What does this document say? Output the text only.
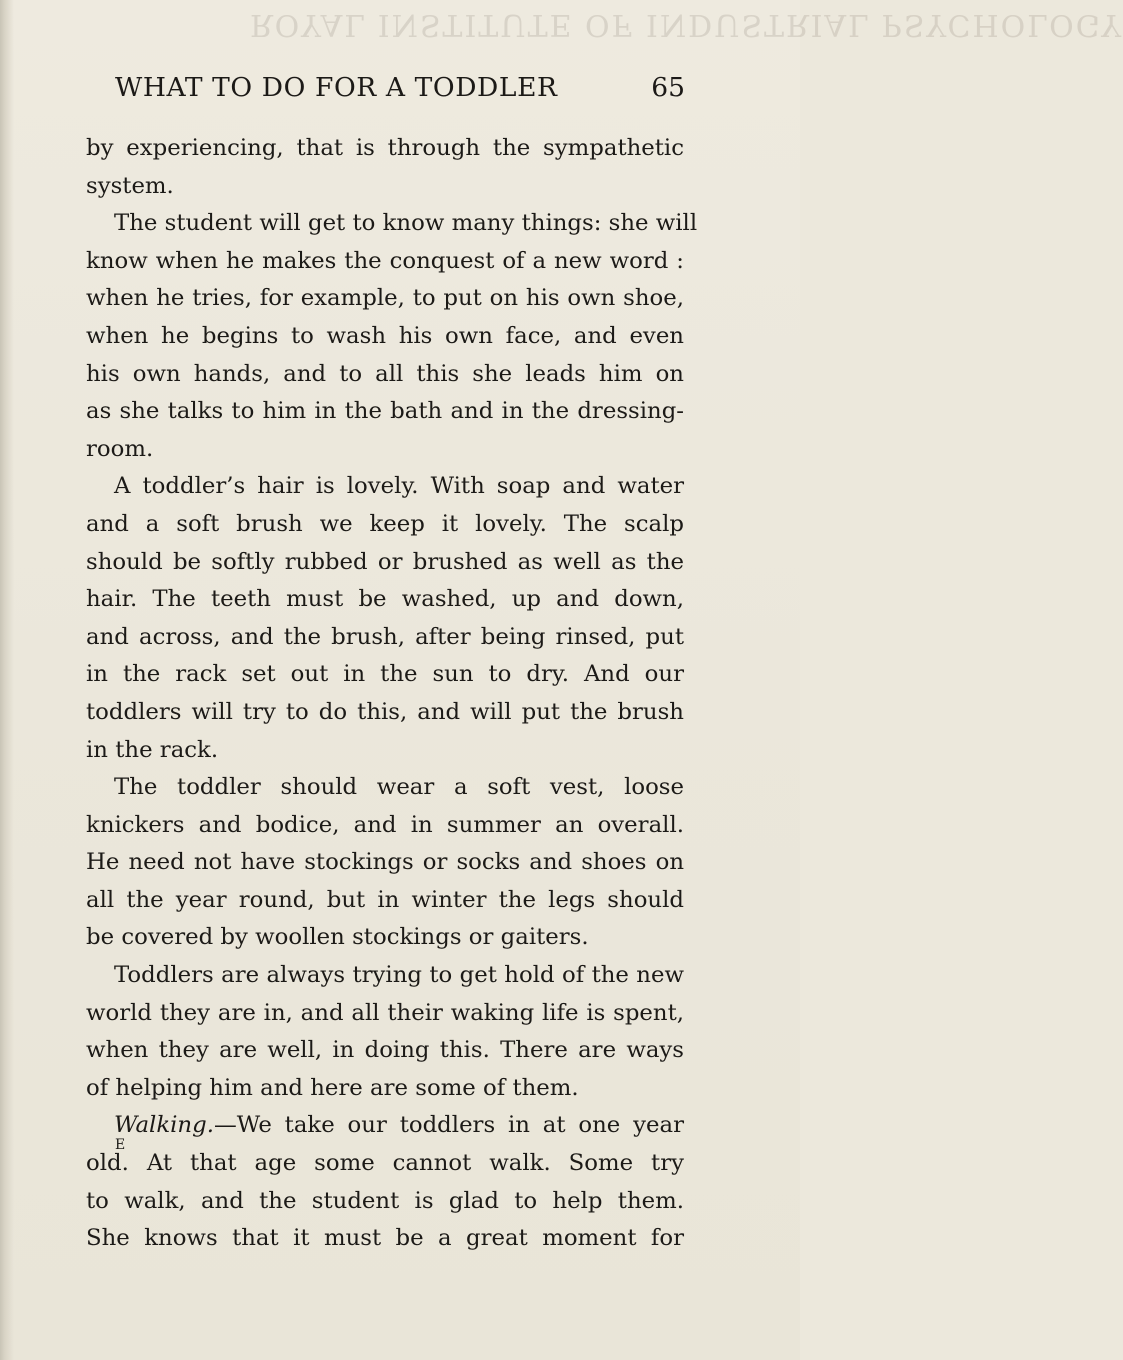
ROYAL INSTITUTE OF INDUSTRIAL PSYCHOLOGY
WHAT TO DO FOR A TODDLER	65
by experiencing, that is through the sympathetic
system.
The student will get to know many things: she will
know when he makes the conquest of a new word :
when he tries, for example, to put on his own shoe,
when he begins to wash his own face, and even
his own hands, and to all this she leads him on
as she talks to him in the bath and in the dressing-
room.
A toddler’s hair is lovely. With soap and water
and a soft brush we keep it lovely. The scalp
should be softly rubbed or brushed as well as the
hair. The teeth must be washed, up and down,
and across, and the brush, after being rinsed, put
in the rack set out in the sun to dry. And our
toddlers will try to do this, and will put the brush
in the rack.
The toddler should wear a soft vest, loose
knickers and bodice, and in summer an overall.
He need not have stockings or socks and shoes on
all the year round, but in winter the legs should
be covered by woollen stockings or gaiters.
Toddlers are always trying to get hold of the new
world they are in, and all their waking life is spent,
when they are well, in doing this. There are ways
of helping him and here are some of them.
Walking.—We take our toddlers in at one year
old. At that age some cannot walk. Some try
to walk, and the student is glad to help them.
She knows that it must be a great moment for
E
